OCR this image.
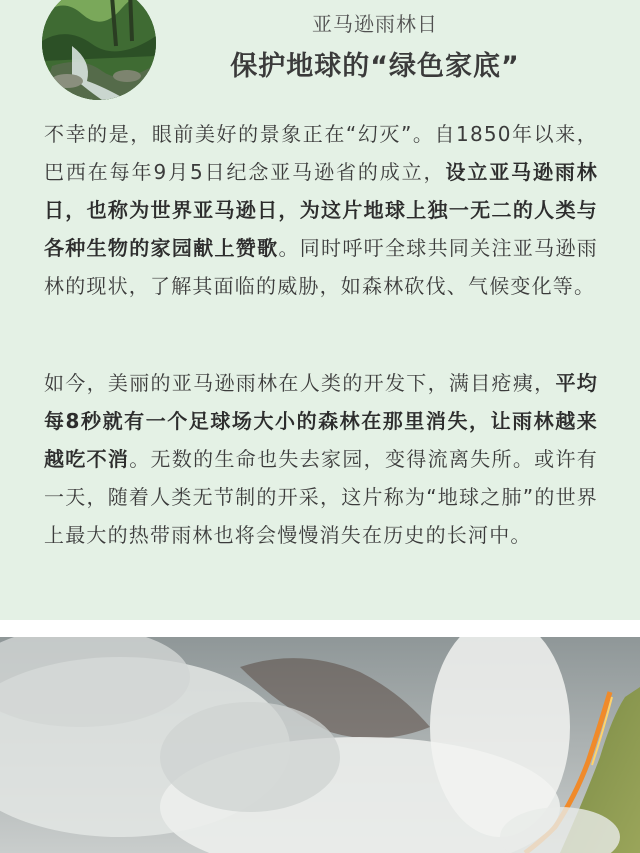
亚马逊雨林日
保护地球的“绿色家底”
不幸的是，眼前美好的景象正在“幻灭”。自1850年以来，巴西在每年9月5日纪念亚马逊省的成立，设立亚马逊雨林日，也称为世界亚马逊日，为这片地球上独一无二的人类与各种生物的家园献上赞歌。同时呼吁全球共同关注亚马逊雨林的现状，了解其面临的威胁，如森林砍伐、气候变化等。
如今，美丽的亚马逊雨林在人类的开发下，满目疮痍，平均每8秒就有一个足球场大小的森林在那里消失，让雨林越来越吃不消。无数的生命也失去家园，变得流离失所。或许有一天，随着人类无节制的开采，这片称为“地球之肺”的世界上最大的热带雨林也将会慢慢消失在历史的长河中。
